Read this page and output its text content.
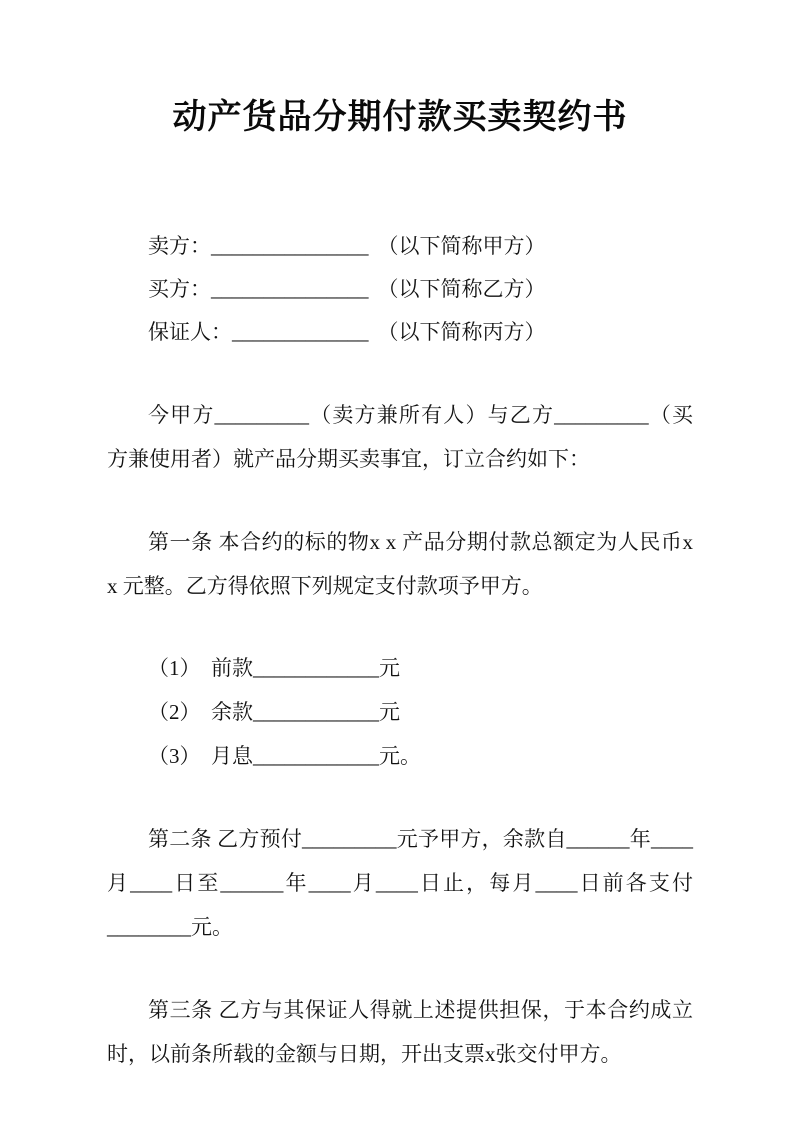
动产货品分期付款买卖契约书

卖方：_______________ （以下简称甲方）

买方：_______________ （以下简称乙方）

保证人：_____________ （以下简称丙方）

今甲方_________（卖方兼所有人）与乙方_________（买方兼使用者）就产品分期买卖事宜，订立合约如下：

第一条 本合约的标的物x x 产品分期付款总额定为人民币x x 元整。乙方得依照下列规定支付款项予甲方。

（1）　前款____________元

（2）　余款____________元

（3）　月息____________元。

第二条 乙方预付_________元予甲方，余款自______年____月____日至______年____月____日止，每月____日前各支付________元。

第三条 乙方与其保证人得就上述提供担保，于本合约成立时，以前条所载的金额与日期，开出支票x张交付甲方。
